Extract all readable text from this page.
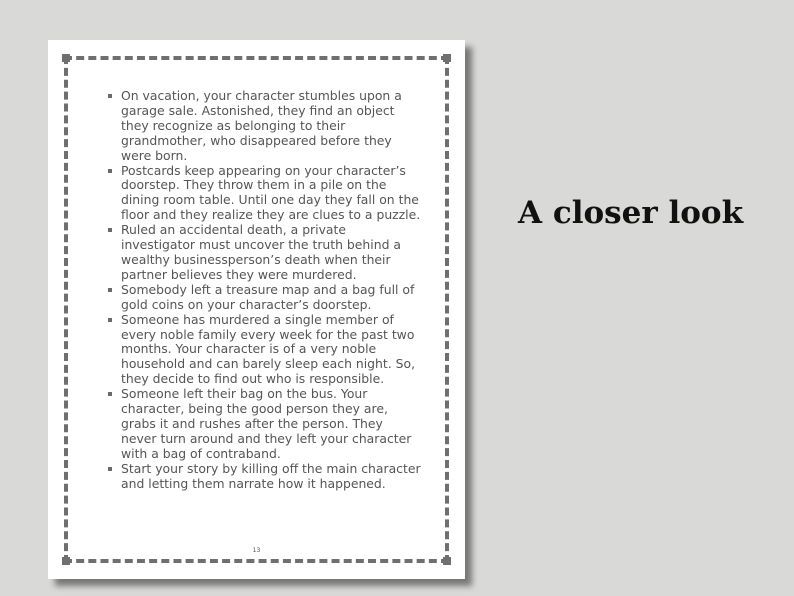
On vacation, your character stumbles upon a garage sale. Astonished, they find an object they recognize as belonging to their grandmother, who disappeared before they were born.
Postcards keep appearing on your character’s doorstep. They throw them in a pile on the dining room table. Until one day they fall on the floor and they realize they are clues to a puzzle.
Ruled an accidental death, a private investigator must uncover the truth behind a wealthy businessperson’s death when their partner believes they were murdered.
Somebody left a treasure map and a bag full of gold coins on your character’s doorstep.
Someone has murdered a single member of every noble family every week for the past two months. Your character is of a very noble household and can barely sleep each night. So, they decide to find out who is responsible.
Someone left their bag on the bus. Your character, being the good person they are, grabs it and rushes after the person. They never turn around and they left your character with a bag of contraband.
Start your story by killing off the main character and letting them narrate how it happened.
13
A closer look
